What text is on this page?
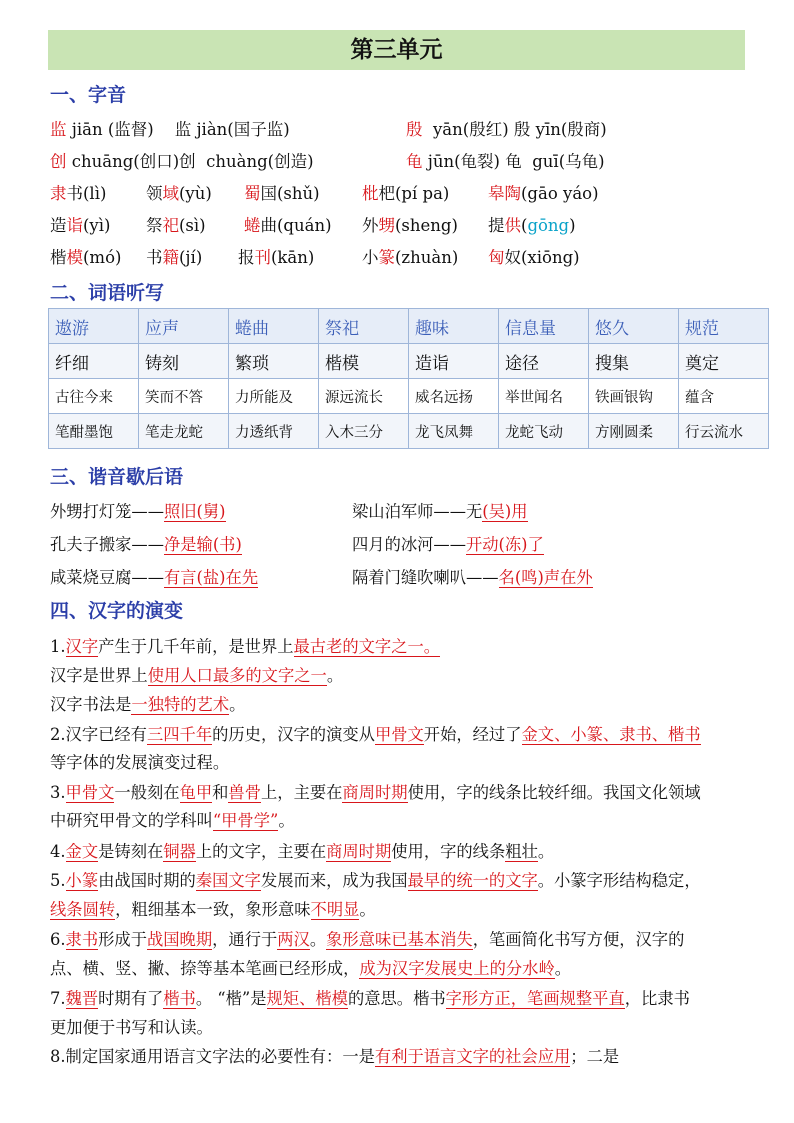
第三单元
一、字音
监 jiān (监督)    监 jiàn(国子监)	殷  yān(殷红) 殷 yīn(殷商)
创 chuāng(创口)创  chuàng(创造)	龟 jūn(龟裂) 龟  guī(乌龟)
隶书(lì) 领域(yù) 蜀国(shǔ)	枇杷(pí pa) 皋陶(gāo yáo)
造诣(yì) 祭祀(sì) 蜷曲(quán) 外甥(sheng) 提供(gōng)
楷模(mó) 书籍(jí) 报刊(kān)	小篆(zhuàn) 匈奴(xiōng)
二、词语听写
遨游	应声	蜷曲	祭祀	趣味	信息量	悠久	规范
纤细	铸刻	繁琐	楷模	造诣	途径	搜集	奠定
古往今来	笑而不答	力所能及	源远流长	威名远扬	举世闻名	铁画银钩	蕴含
笔酣墨饱	笔走龙蛇	力透纸背	入木三分	龙飞凤舞	龙蛇飞动	方刚圆柔	行云流水
三、谐音歇后语
外甥打灯笼——照旧(舅)	梁山泊军师——无(吴)用
孔夫子搬家——净是输(书)	四月的冰河——开动(冻)了
咸菜烧豆腐——有言(盐)在先	隔着门缝吹喇叭——名(鸣)声在外
四、汉字的演变
1.汉字产生于几千年前，是世界上最古老的文字之一。
汉字是世界上使用人口最多的文字之一。
汉字书法是一独特的艺术。
2.汉字已经有三四千年的历史，汉字的演变从甲骨文开始，经过了金文、小篆、隶书、楷书
等字体的发展演变过程。
3.甲骨文一般刻在龟甲和兽骨上，主要在商周时期使用，字的线条比较纤细。我国文化领域
中研究甲骨文的学科叫“甲骨学”。
4.金文是铸刻在铜器上的文字，主要在商周时期使用，字的线条粗壮。
5.小篆由战国时期的秦国文字发展而来，成为我国最早的统一的文字。小篆字形结构稳定，
线条圆转，粗细基本一致，象形意味不明显。
6.隶书形成于战国晚期，通行于两汉。象形意味已基本消失，笔画简化书写方便，汉字的
点、横、竖、撇、捺等基本笔画已经形成，成为汉字发展史上的分水岭。
7.魏晋时期有了楷书。 “楷”是规矩、楷模的意思。楷书字形方正，笔画规整平直，比隶书
更加便于书写和认读。
8.制定国家通用语言文字法的必要性有：一是有利于语言文字的社会应用；二是
